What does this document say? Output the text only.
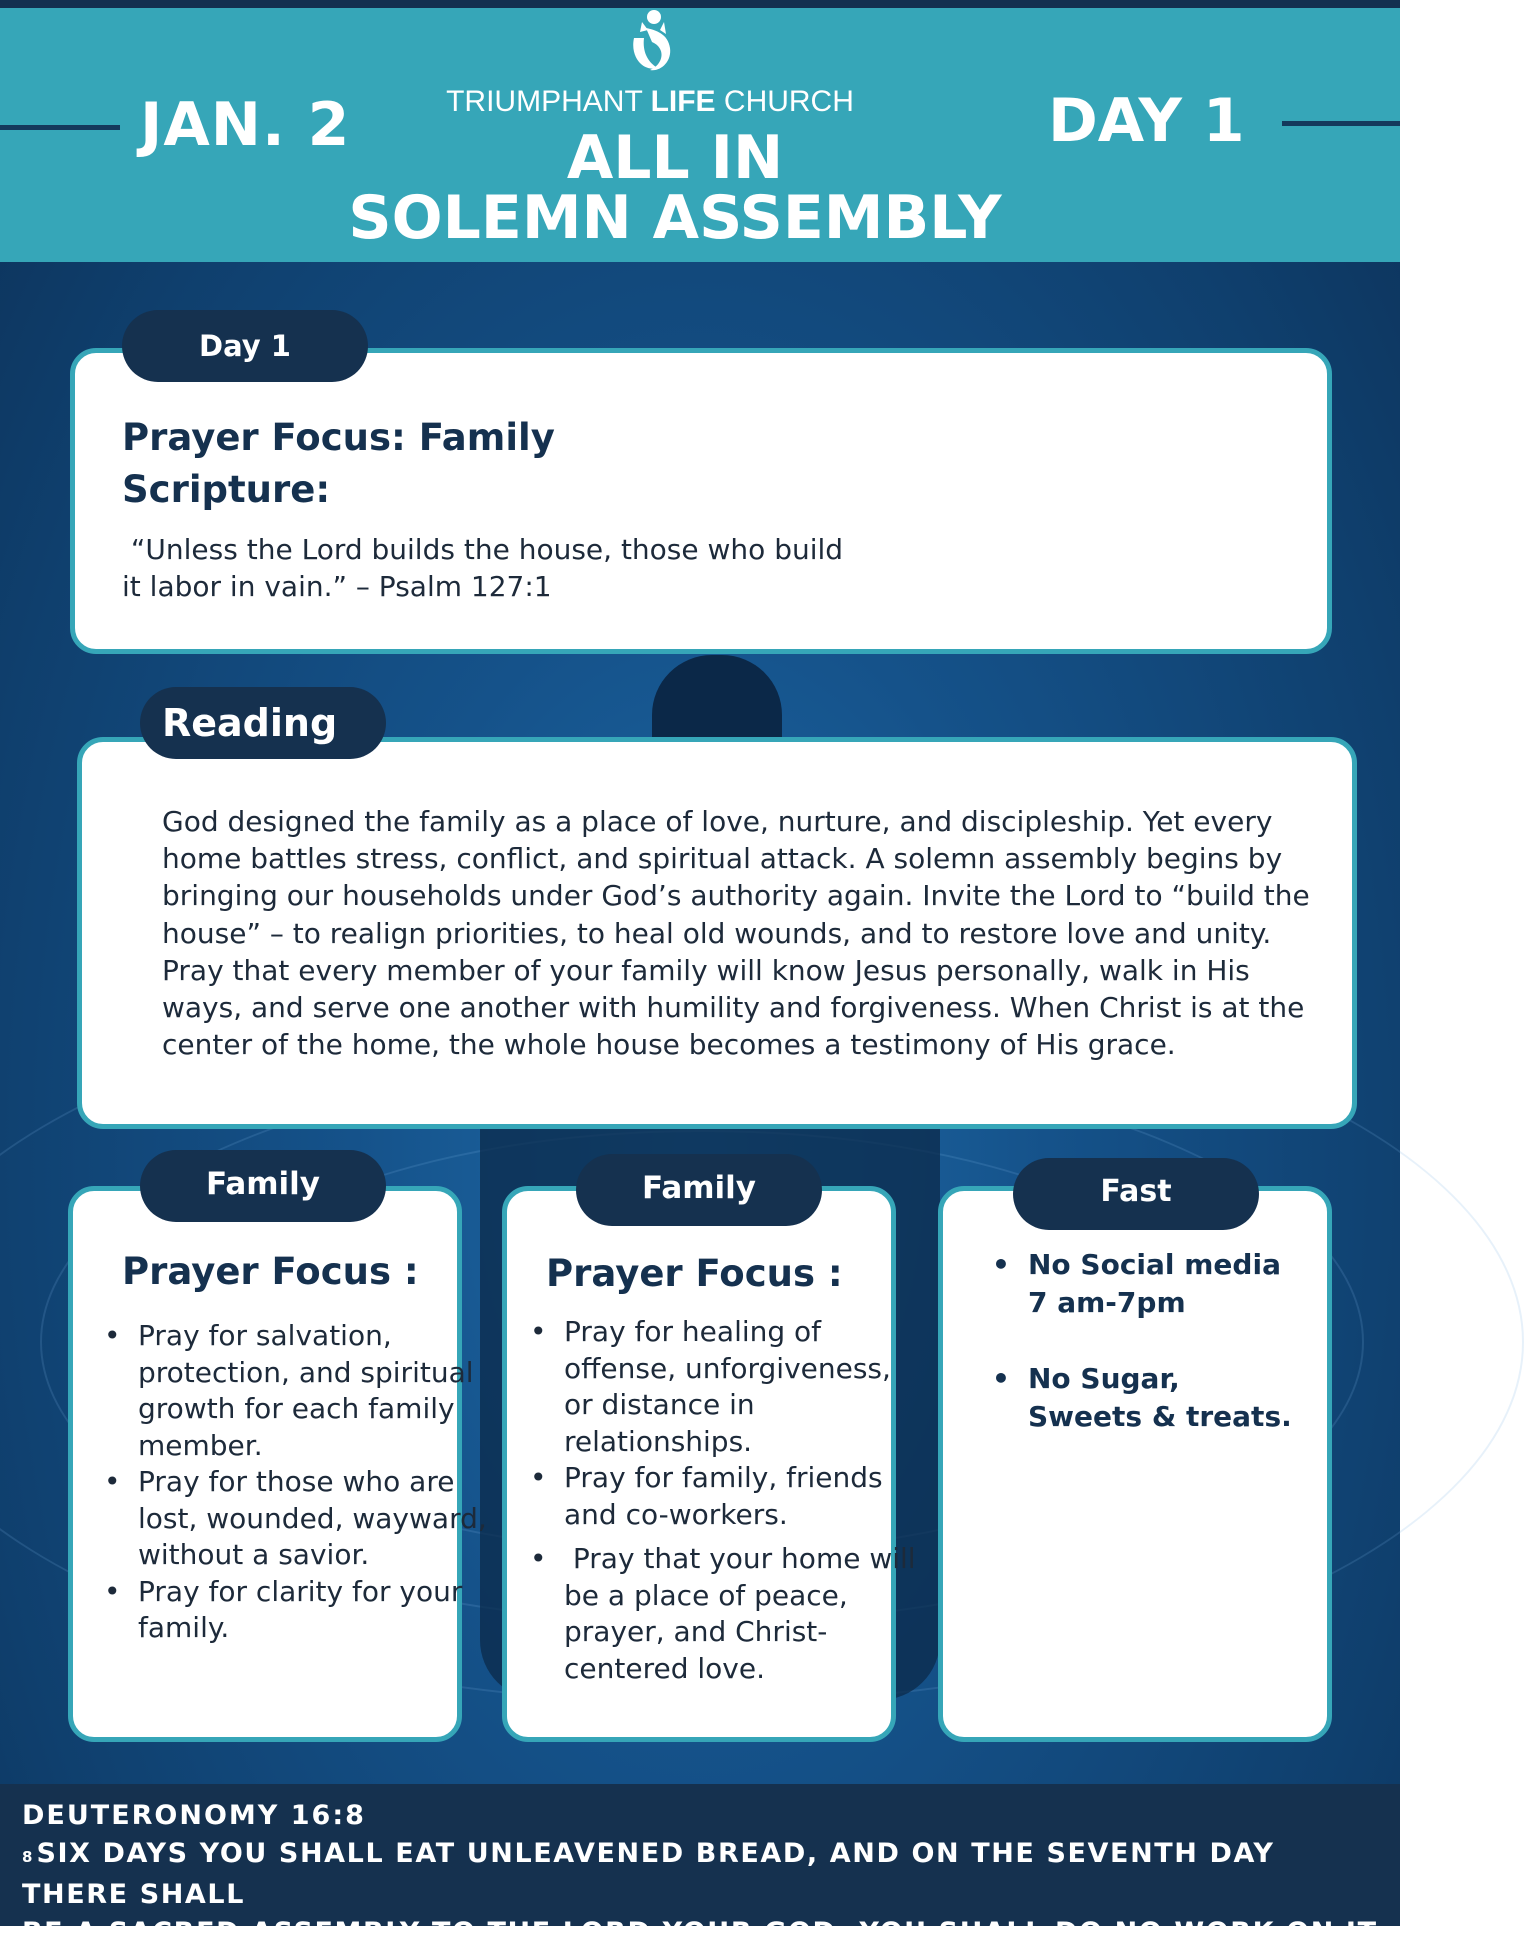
JAN. 2	DAY 1
TRIUMPHANT LIFE CHURCH
ALL IN
SOLEMN ASSEMBLY
Day 1
Prayer Focus: Family
Scripture:
“Unless the Lord builds the house, those who build
it labor in vain.” – Psalm 127:1
Reading
God designed the family as a place of love, nurture, and discipleship. Yet every
home battles stress, conflict, and spiritual attack. A solemn assembly begins by
bringing our households under God’s authority again. Invite the Lord to “build the
house” – to realign priorities, to heal old wounds, and to restore love and unity.
Pray that every member of your family will know Jesus personally, walk in His
ways, and serve one another with humility and forgiveness. When Christ is at the
center of the home, the whole house becomes a testimony of His grace.
Family
Prayer Focus :
• Pray for salvation, protection, and spiritual growth for each family member.
• Pray for those who are lost, wounded, wayward, without a savior.
• Pray for clarity for your family.
Family
Prayer Focus :
• Pray for healing of offense, unforgiveness, or distance in relationships.
• Pray for family, friends and co-workers.
•  Pray that your home will be a place of peace, prayer, and Christ-centered love.
Fast
• No Social media
7 am-7pm
• No Sugar,
Sweets & treats.
DEUTERONOMY 16:8
8 SIX DAYS YOU SHALL EAT UNLEAVENED BREAD, AND ON THE SEVENTH DAY THERE SHALL
BE A SACRED ASSEMBLY TO THE LORD YOUR GOD. YOU SHALL DO NO WORK ON IT.
